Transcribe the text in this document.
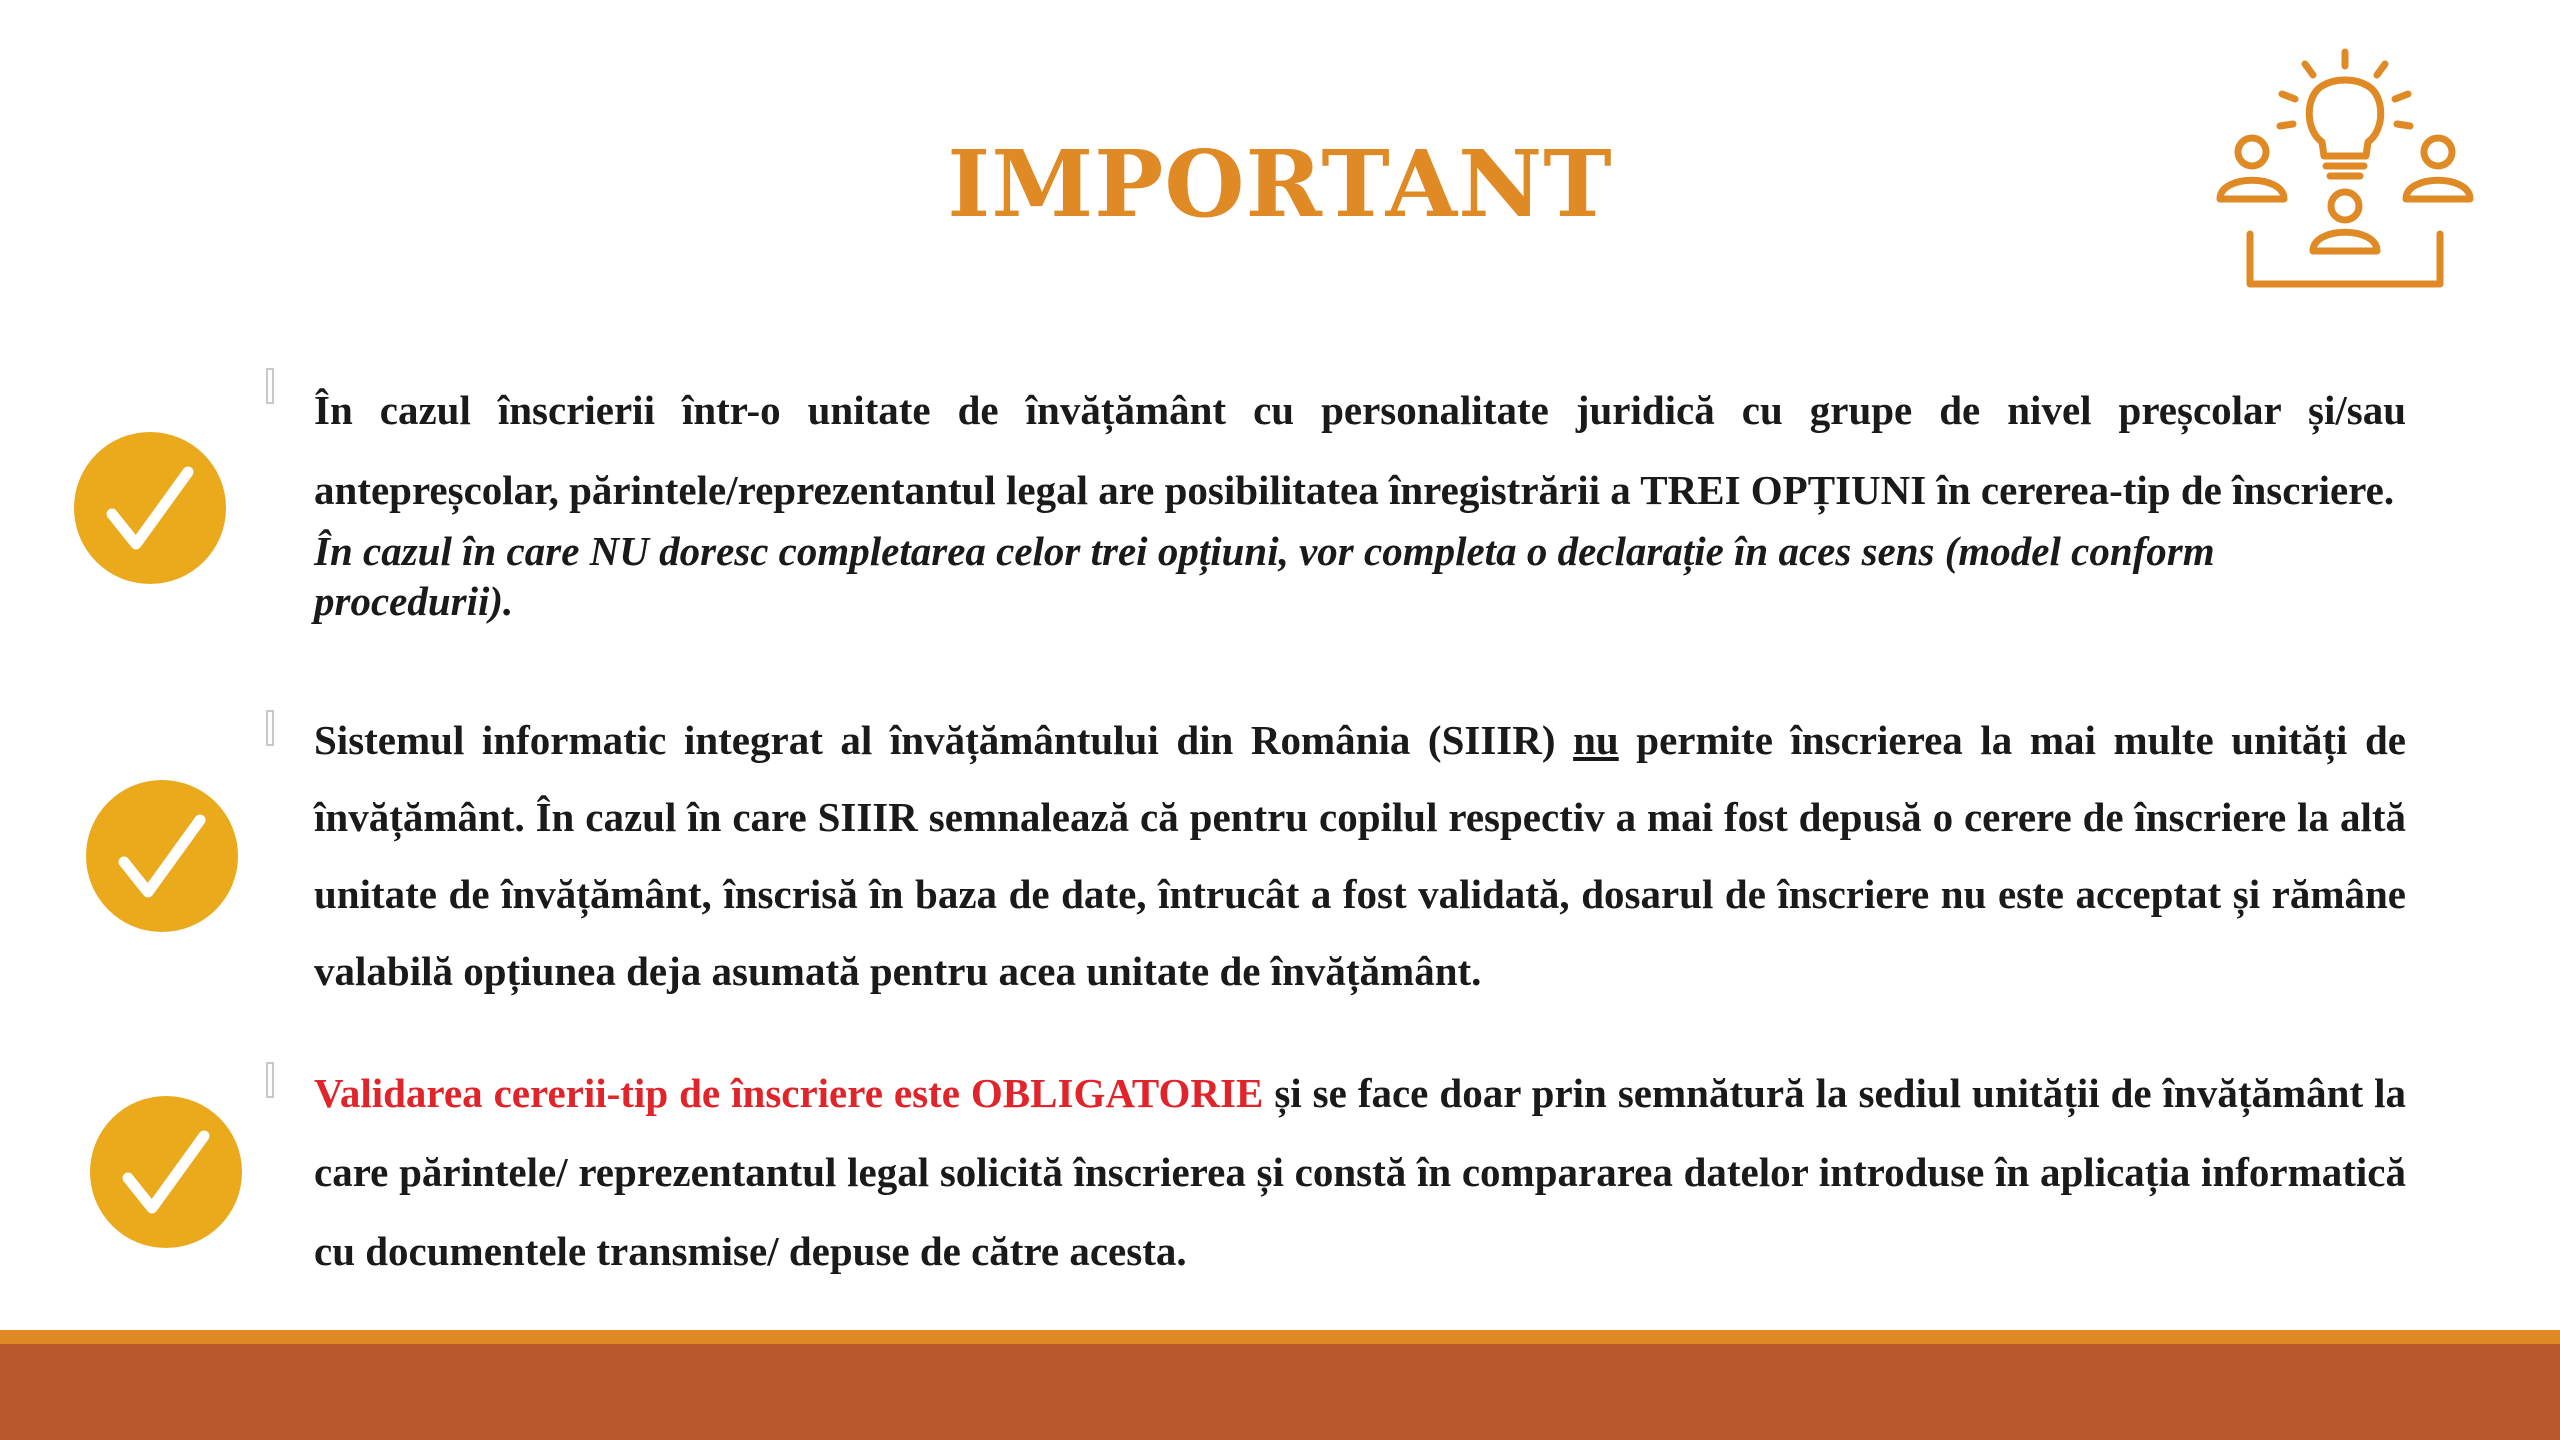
IMPORTANT

În cazul înscrierii într-o unitate de învățământ cu personalitate juridică cu grupe de nivel preșcolar și/sau antepreșcolar, părintele/reprezentantul legal are posibilitatea înregistrării a TREI OPȚIUNI în cererea-tip de înscriere.

În cazul în care NU doresc completarea celor trei opțiuni, vor completa o declarație în aces sens (model conform procedurii).

Sistemul informatic integrat al învățământului din România (SIIIR) nu permite înscrierea la mai multe unități de învățământ. În cazul în care SIIIR semnalează că pentru copilul respectiv a mai fost depusă o cerere de înscriere la altă unitate de învățământ, înscrisă în baza de date, întrucât a fost validată, dosarul de înscriere nu este acceptat și rămâne valabilă opțiunea deja asumată pentru acea unitate de învățământ.

Validarea cererii-tip de înscriere este OBLIGATORIE și se face doar prin semnătură la sediul unității de învățământ la care părintele/ reprezentantul legal solicită înscrierea și constă în compararea datelor introduse în aplicația informatică cu documentele transmise/ depuse de către acesta.
